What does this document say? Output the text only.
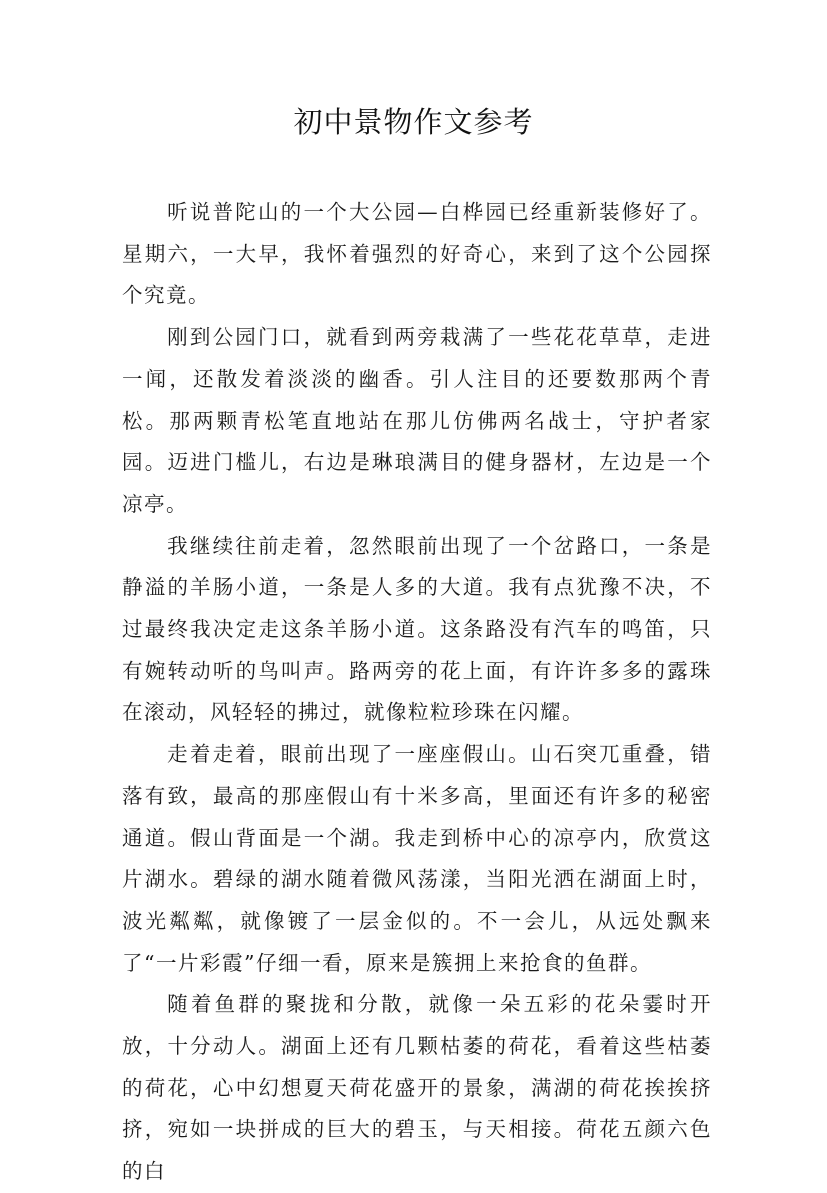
初中景物作文参考

听说普陀山的一个大公园—白桦园已经重新装修好了。星期六，一大早，我怀着强烈的好奇心，来到了这个公园探个究竟。

刚到公园门口，就看到两旁栽满了一些花花草草，走进一闻，还散发着淡淡的幽香。引人注目的还要数那两个青松。那两颗青松笔直地站在那儿仿佛两名战士，守护者家园。迈进门槛儿，右边是琳琅满目的健身器材，左边是一个凉亭。

我继续往前走着，忽然眼前出现了一个岔路口，一条是静溢的羊肠小道，一条是人多的大道。我有点犹豫不决，不过最终我决定走这条羊肠小道。这条路没有汽车的鸣笛，只有婉转动听的鸟叫声。路两旁的花上面，有许许多多的露珠在滚动，风轻轻的拂过，就像粒粒珍珠在闪耀。

走着走着，眼前出现了一座座假山。山石突兀重叠，错落有致，最高的那座假山有十米多高，里面还有许多的秘密通道。假山背面是一个湖。我走到桥中心的凉亭内，欣赏这片湖水。碧绿的湖水随着微风荡漾，当阳光洒在湖面上时，波光粼粼，就像镀了一层金似的。不一会儿，从远处飘来了“一片彩霞”仔细一看，原来是簇拥上来抢食的鱼群。

随着鱼群的聚拢和分散，就像一朵五彩的花朵霎时开放，十分动人。湖面上还有几颗枯萎的荷花，看着这些枯萎的荷花，心中幻想夏天荷花盛开的景象，满湖的荷花挨挨挤挤，宛如一块拼成的巨大的碧玉，与天相接。荷花五颜六色的白
